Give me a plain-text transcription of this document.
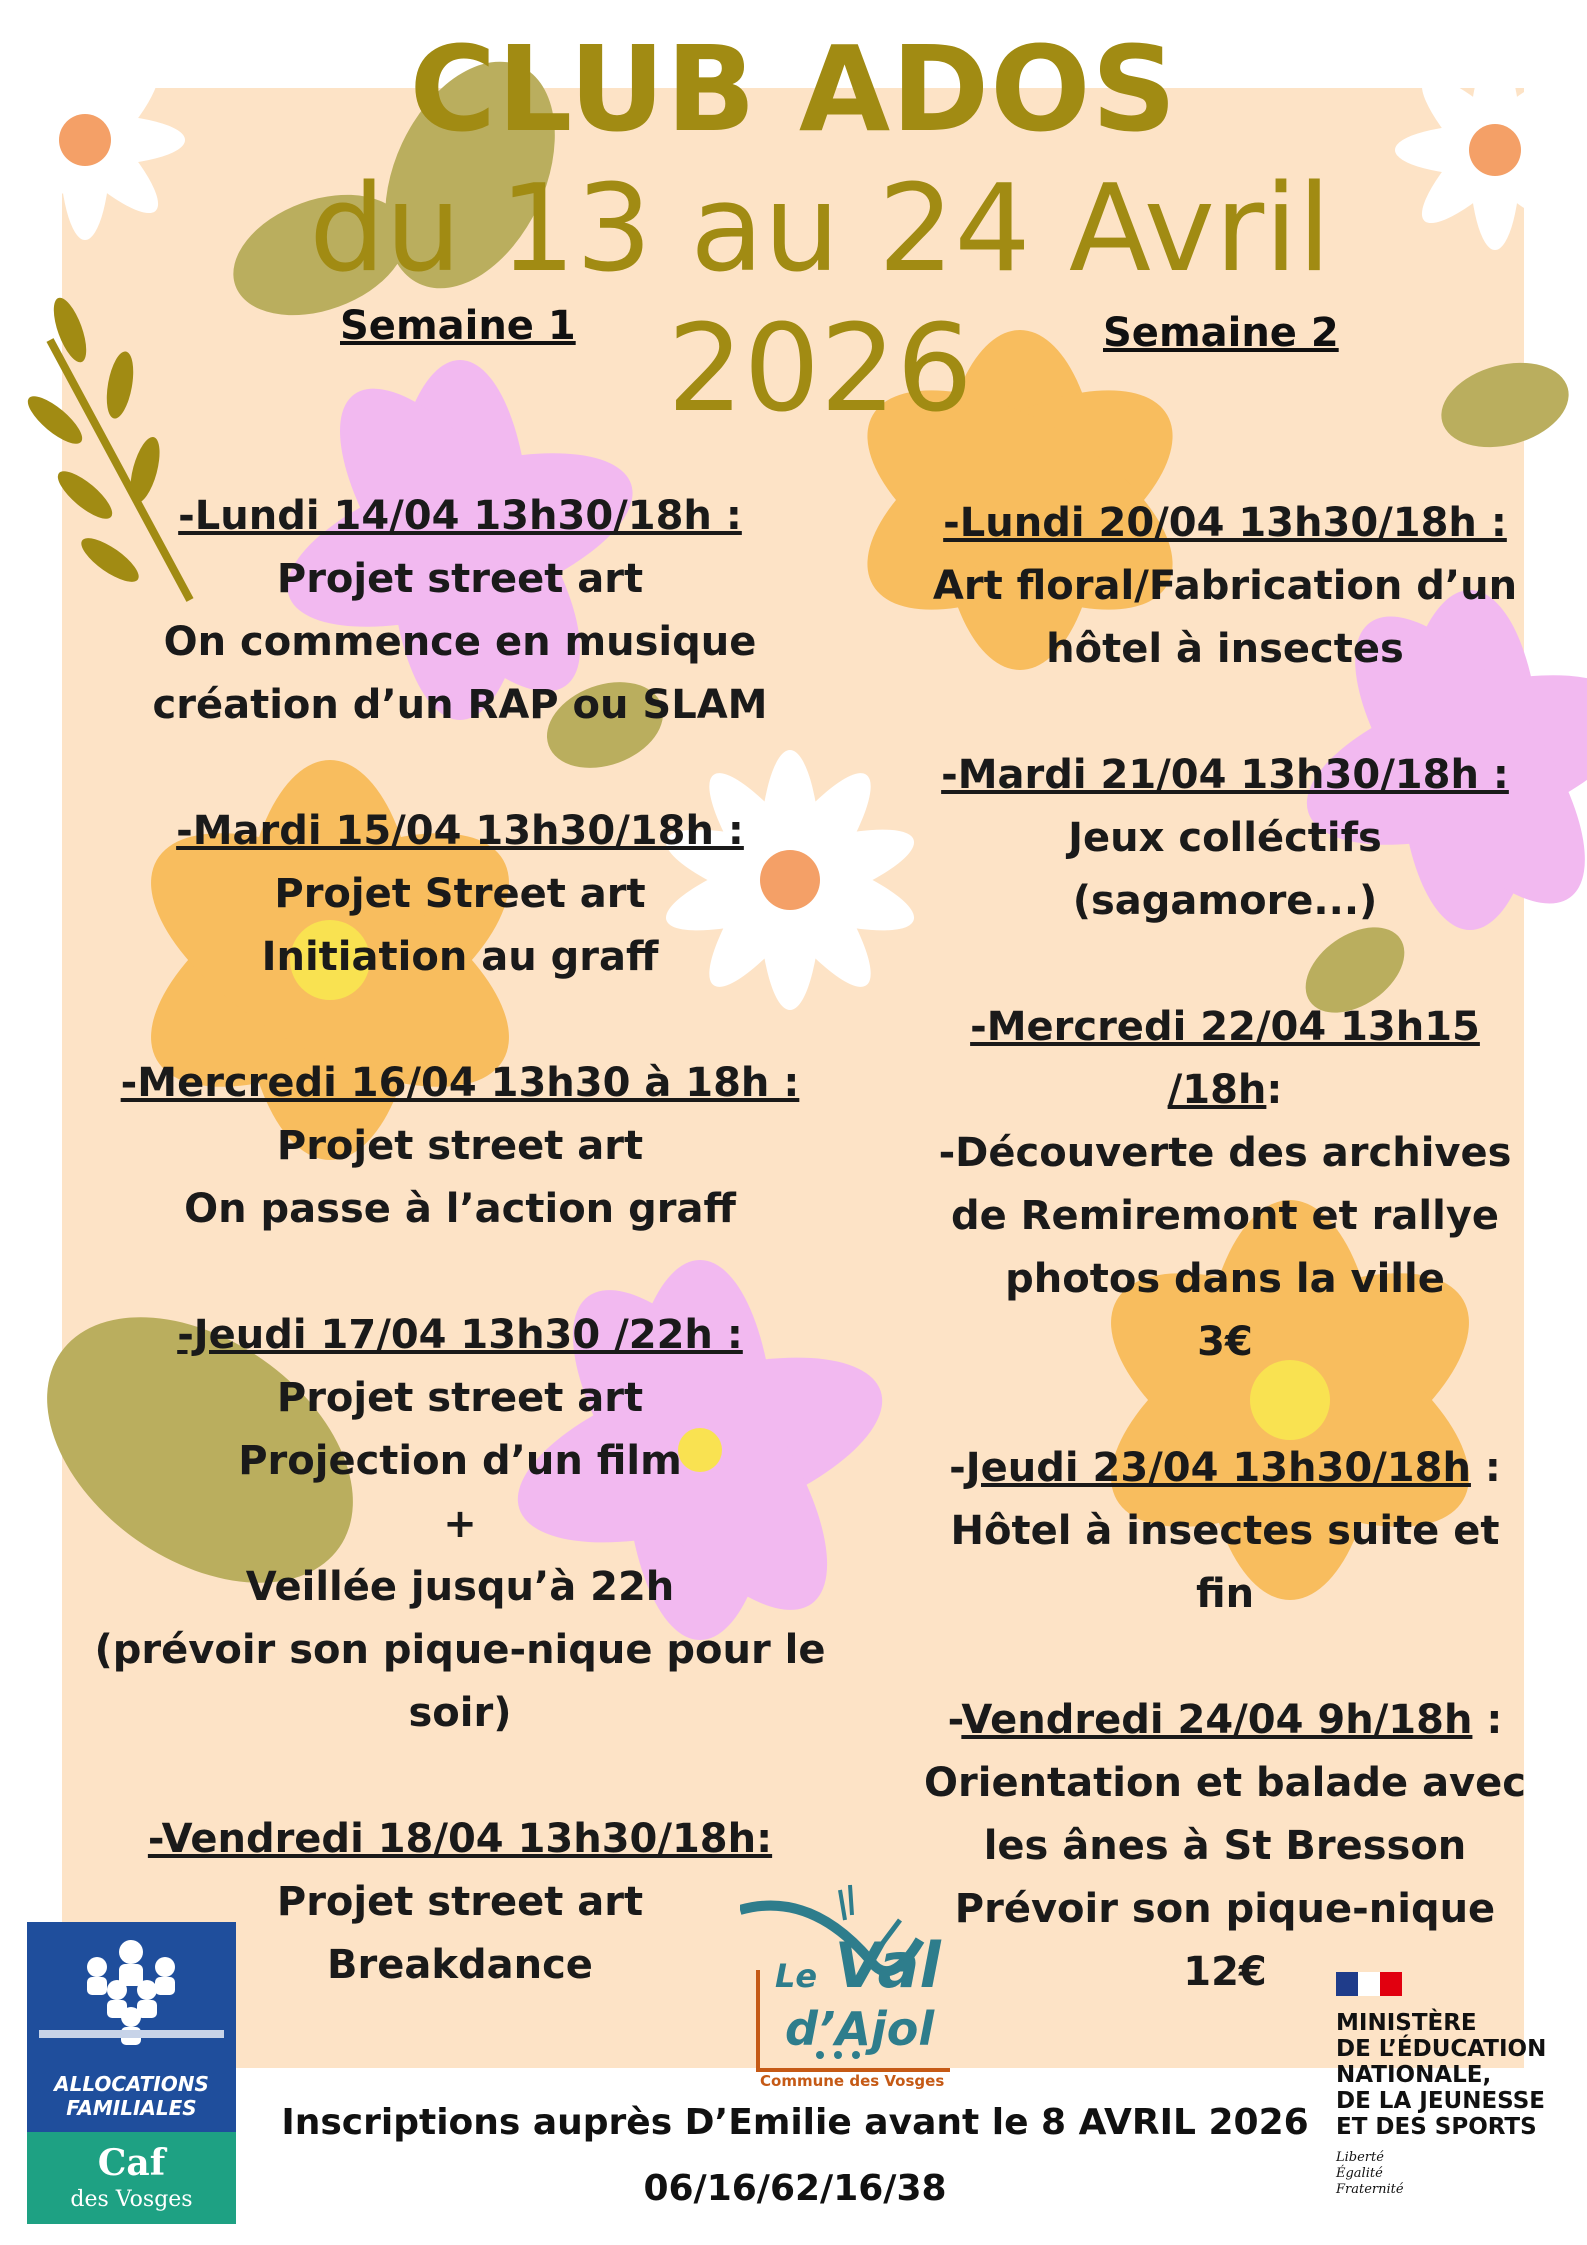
CLUB ADOS
du 13 au 24 Avril
2026
Semaine 1	Semaine 2

-Lundi 14/04 13h30/18h :

Projet street art

On commence en musique

création d’un RAP ou SLAM

-Mardi 15/04 13h30/18h :

Projet Street art

Initiation au graff

-Mercredi 16/04 13h30 à 18h :

Projet street art

On passe à l’action graff

-Jeudi 17/04 13h30 /22h :

Projet street art

Projection d’un film

+

Veillée jusqu’à 22h

(prévoir son pique-nique pour le

soir)

-Vendredi 18/04 13h30/18h:

Projet street art

Breakdance

-Lundi 20/04 13h30/18h :

Art floral/Fabrication d’un

hôtel à insectes

-Mardi 21/04 13h30/18h :

Jeux colléctifs

(sagamore...)

-Mercredi 22/04 13h15

/18h:

-Découverte des archives

de Remiremont et rallye

photos dans la ville

3€

-Jeudi 23/04 13h30/18h :

Hôtel à insectes suite et

fin

-Vendredi 24/04 9h/18h :

Orientation et balade avec

les ânes à St Bresson

Prévoir son pique-nique

12€

ALLOCATIONS
FAMILIALES
Caf
des Vosges
Le Val
d’Ajol
Commune des Vosges
MINISTÈRE
DE L’ÉDUCATION
NATIONALE,
DE LA JEUNESSE
ET DES SPORTS
Liberté
Égalité
Fraternité
Inscriptions auprès D’Emilie avant le 8 AVRIL 2026
06/16/62/16/38
